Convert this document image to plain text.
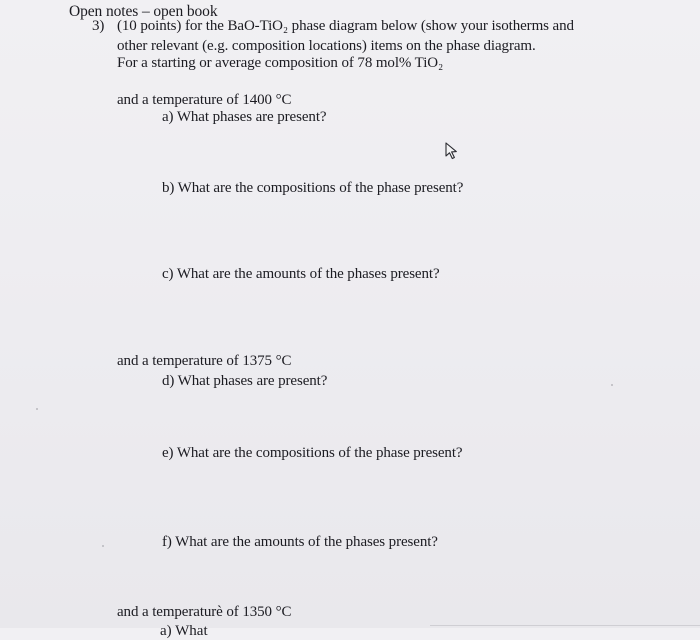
Open notes – open book
3) (10 points) for the BaO-TiO₂ phase diagram below (show your isotherms and
other relevant (e.g. composition locations) items on the phase diagram.
For a starting or average composition of 78 mol% TiO₂
and a temperature of 1400 °C
a) What phases are present?
b) What are the compositions of the phase present?
c) What are the amounts of the phases present?
and a temperature of 1375 °C
d) What phases are present?
e) What are the compositions of the phase present?
f) What are the amounts of the phases present?
and a temperaturè of 1350 °C
a) What
